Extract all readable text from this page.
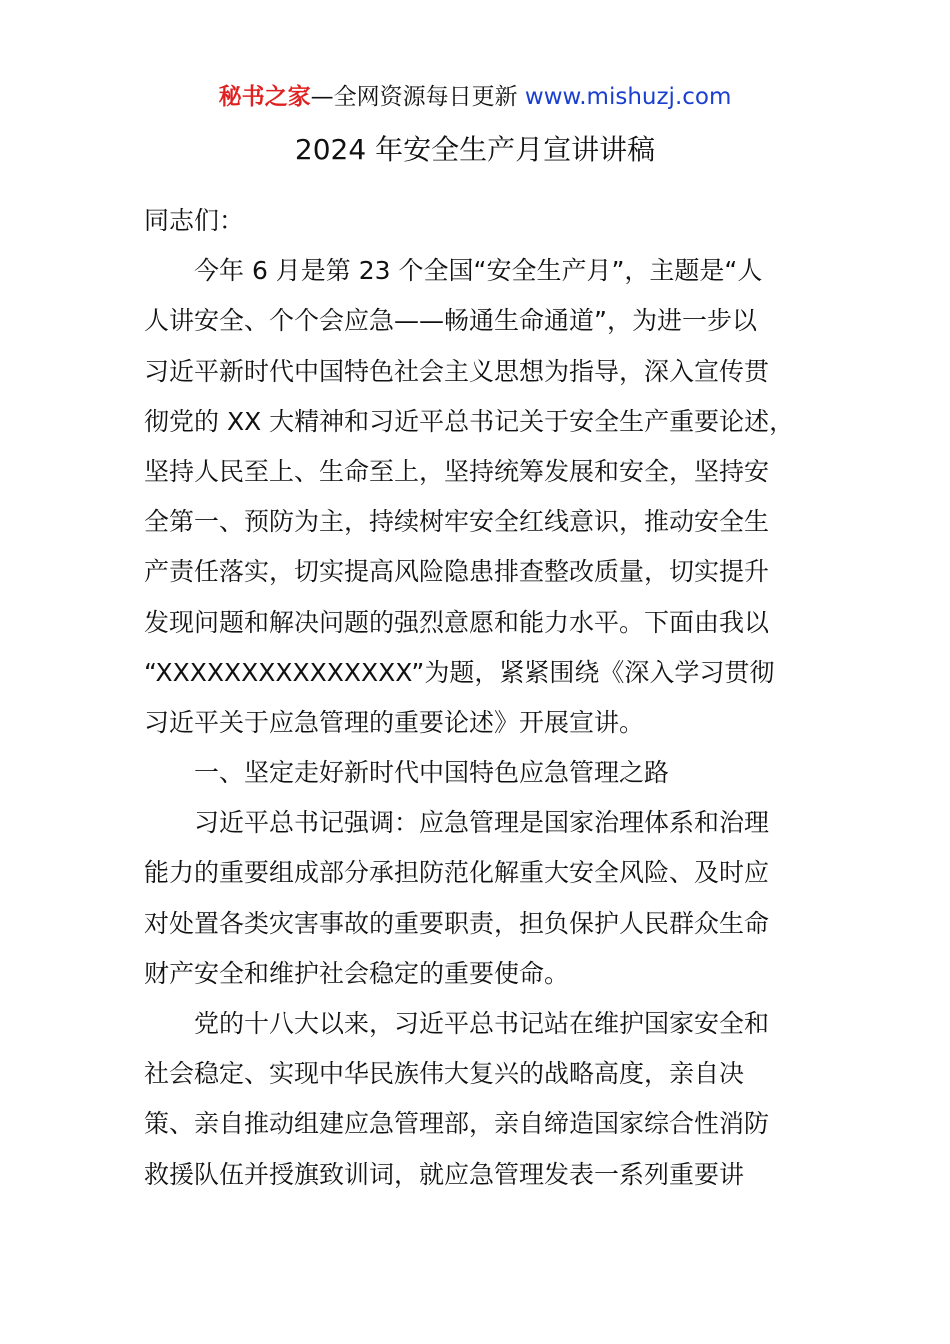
秘书之家—全网资源每日更新 www.mishuzj.com
2024 年安全生产月宣讲讲稿
同志们：
今年 6 月是第 23 个全国“安全生产月”，主题是“人
人讲安全、个个会应急——畅通生命通道”，为进一步以
习近平新时代中国特色社会主义思想为指导，深入宣传贯
彻党的 XX 大精神和习近平总书记关于安全生产重要论述，
坚持人民至上、生命至上，坚持统筹发展和安全，坚持安
全第一、预防为主，持续树牢安全红线意识，推动安全生
产责任落实，切实提高风险隐患排查整改质量，切实提升
发现问题和解决问题的强烈意愿和能力水平。下面由我以
“XXXXXXXXXXXXXXX”为题，紧紧围绕《深入学习贯彻
习近平关于应急管理的重要论述》开展宣讲。
一、坚定走好新时代中国特色应急管理之路
习近平总书记强调：应急管理是国家治理体系和治理
能力的重要组成部分承担防范化解重大安全风险、及时应
对处置各类灾害事故的重要职责，担负保护人民群众生命
财产安全和维护社会稳定的重要使命。
党的十八大以来，习近平总书记站在维护国家安全和
社会稳定、实现中华民族伟大复兴的战略高度，亲自决
策、亲自推动组建应急管理部，亲自缔造国家综合性消防
救援队伍并授旗致训词，就应急管理发表一系列重要讲
